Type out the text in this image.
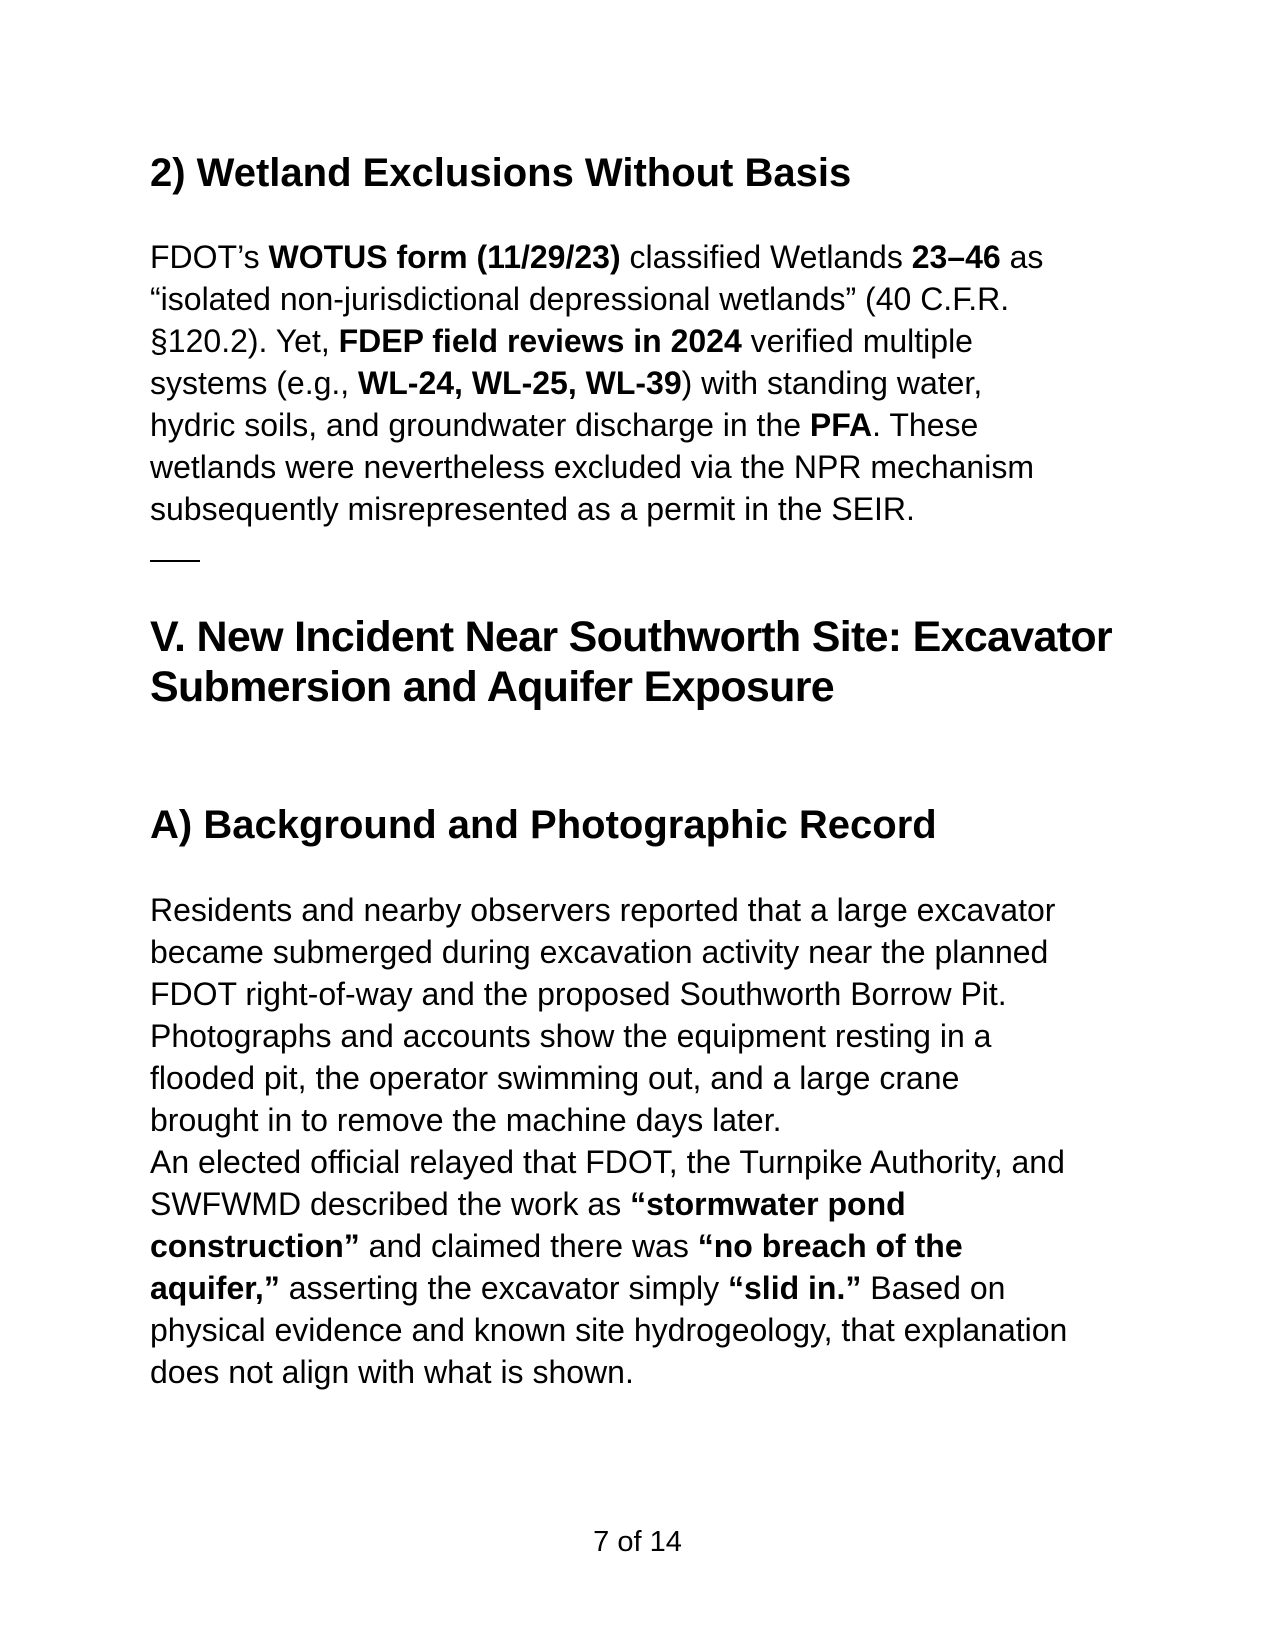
2) Wetland Exclusions Without Basis
FDOT’s WOTUS form (11/29/23) classified Wetlands 23–46 as
“isolated non-jurisdictional depressional wetlands” (40 C.F.R.
§120.2). Yet, FDEP field reviews in 2024 verified multiple
systems (e.g., WL-24, WL-25, WL-39) with standing water,
hydric soils, and groundwater discharge in the PFA. These
wetlands were nevertheless excluded via the NPR mechanism
subsequently misrepresented as a permit in the SEIR.
V. New Incident Near Southworth Site: Excavator
Submersion and Aquifer Exposure
A) Background and Photographic Record
Residents and nearby observers reported that a large excavator
became submerged during excavation activity near the planned
FDOT right-of-way and the proposed Southworth Borrow Pit.
Photographs and accounts show the equipment resting in a
flooded pit, the operator swimming out, and a large crane
brought in to remove the machine days later.
An elected official relayed that FDOT, the Turnpike Authority, and
SWFWMD described the work as “stormwater pond
construction” and claimed there was “no breach of the
aquifer,” asserting the excavator simply “slid in.” Based on
physical evidence and known site hydrogeology, that explanation
does not align with what is shown.
7 of 14
